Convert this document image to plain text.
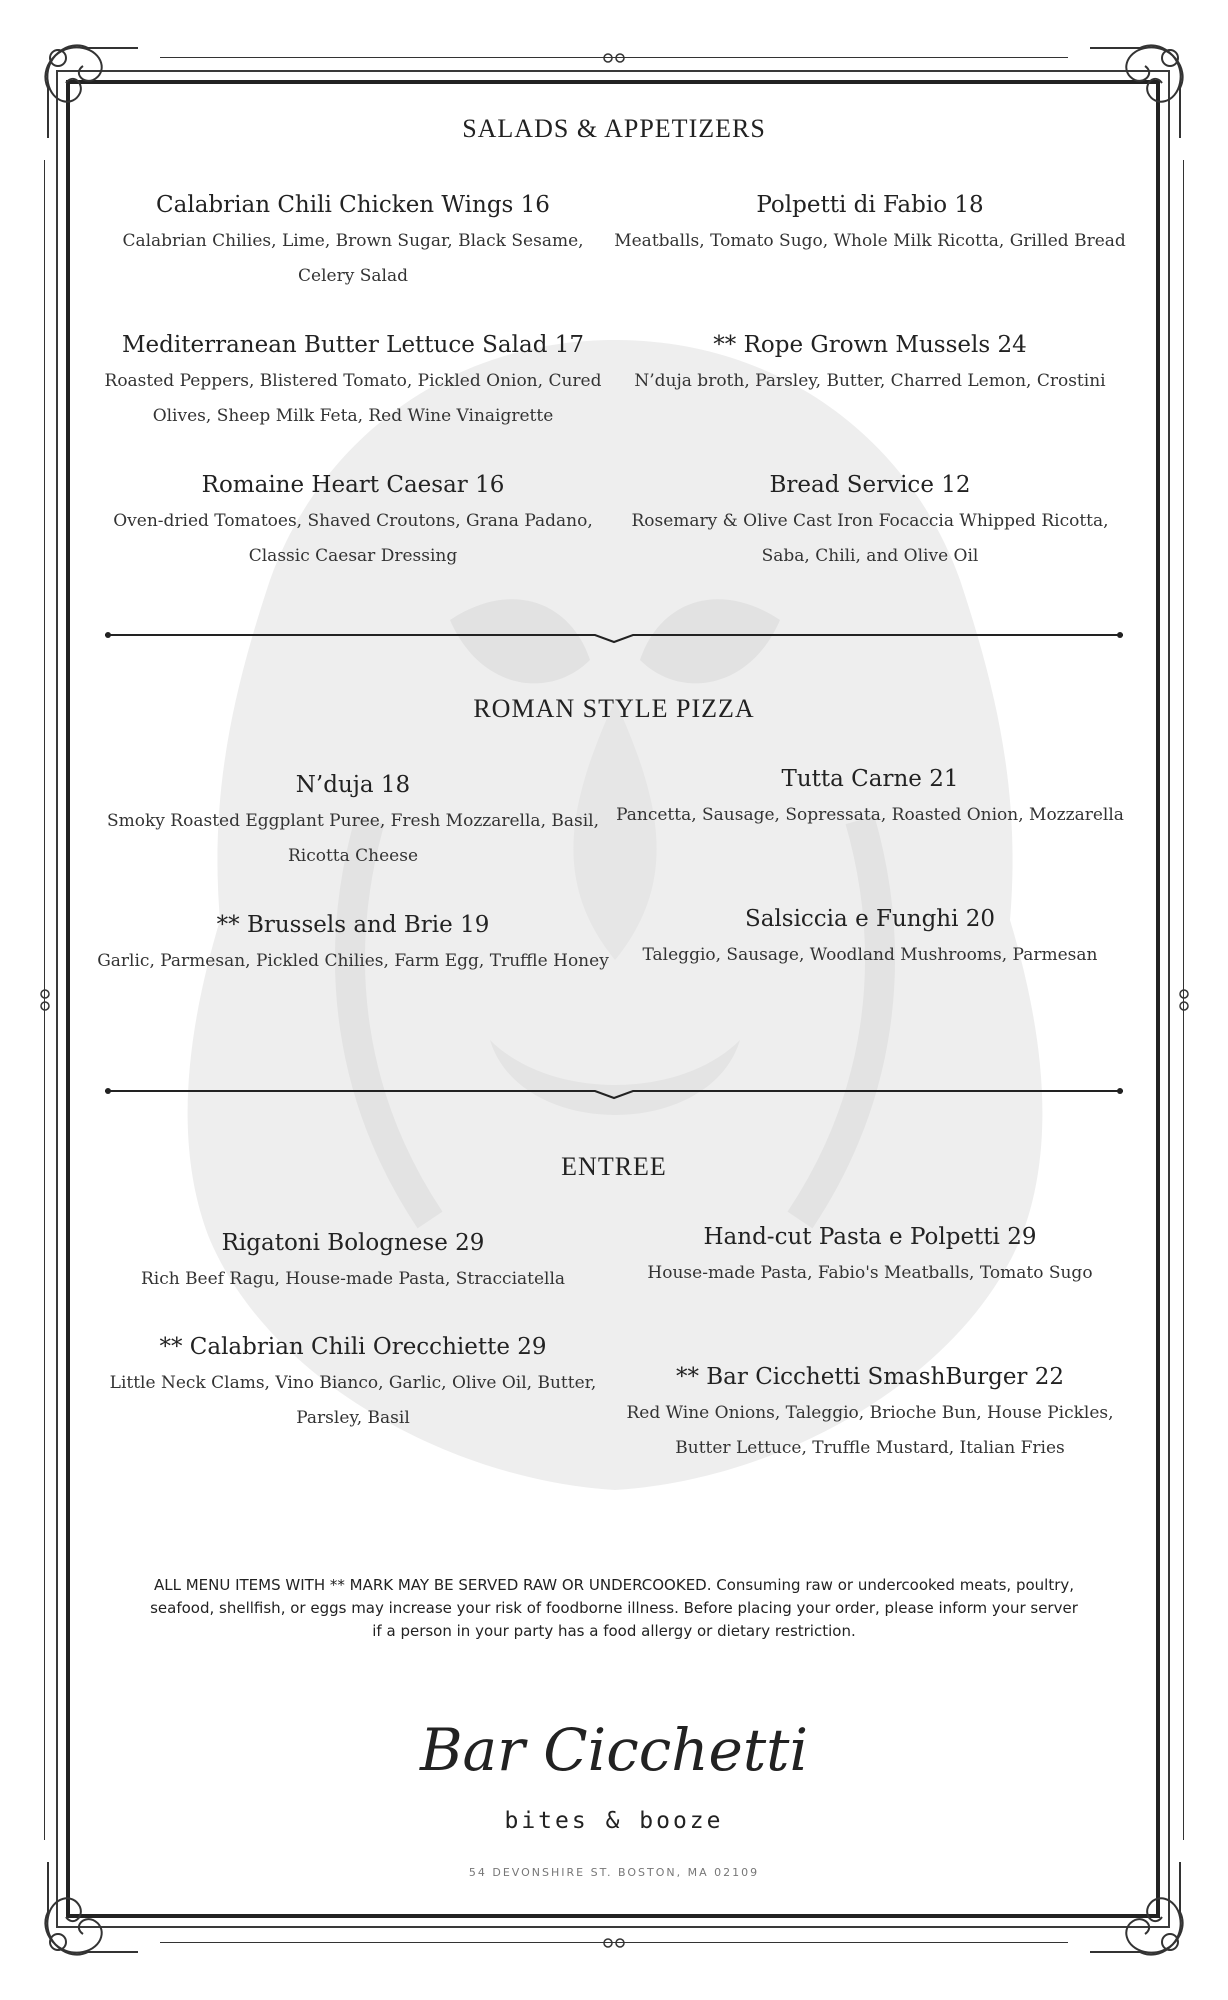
SALADS & APPETIZERS
Calabrian Chili Chicken Wings 16
Calabrian Chilies, Lime, Brown Sugar, Black Sesame, Celery Salad
Polpetti di Fabio 18
Meatballs, Tomato Sugo, Whole Milk Ricotta, Grilled Bread
Mediterranean Butter Lettuce Salad 17
Roasted Peppers, Blistered Tomato, Pickled Onion, Cured Olives, Sheep Milk Feta, Red Wine Vinaigrette
** Rope Grown Mussels 24
N’duja broth, Parsley, Butter, Charred Lemon, Crostini
Romaine Heart Caesar 16
Oven-dried Tomatoes, Shaved Croutons, Grana Padano, Classic Caesar Dressing
Bread Service 12
Rosemary & Olive Cast Iron Focaccia Whipped Ricotta, Saba, Chili, and Olive Oil
ROMAN STYLE PIZZA
N’duja 18
Smoky Roasted Eggplant Puree, Fresh Mozzarella, Basil, Ricotta Cheese
Tutta Carne 21
Pancetta, Sausage, Sopressata, Roasted Onion, Mozzarella
** Brussels and Brie 19
Garlic, Parmesan, Pickled Chilies, Farm Egg, Truffle Honey
Salsiccia e Funghi 20
Taleggio, Sausage, Woodland Mushrooms, Parmesan
ENTREE
Rigatoni Bolognese 29
Rich Beef Ragu, House-made Pasta, Stracciatella
Hand-cut Pasta e Polpetti 29
House-made Pasta, Fabio's Meatballs, Tomato Sugo
** Calabrian Chili Orecchiette 29
Little Neck Clams, Vino Bianco, Garlic, Olive Oil, Butter, Parsley, Basil
** Bar Cicchetti SmashBurger 22
Red Wine Onions, Taleggio, Brioche Bun, House Pickles, Butter Lettuce, Truffle Mustard, Italian Fries
ALL MENU ITEMS WITH ** MARK MAY BE SERVED RAW OR UNDERCOOKED. Consuming raw or undercooked meats, poultry, seafood, shellfish, or eggs may increase your risk of foodborne illness. Before placing your order, please inform your server if a person in your party has a food allergy or dietary restriction.
Bar Cicchetti
bites & booze
54 DEVONSHIRE ST. BOSTON, MA 02109
